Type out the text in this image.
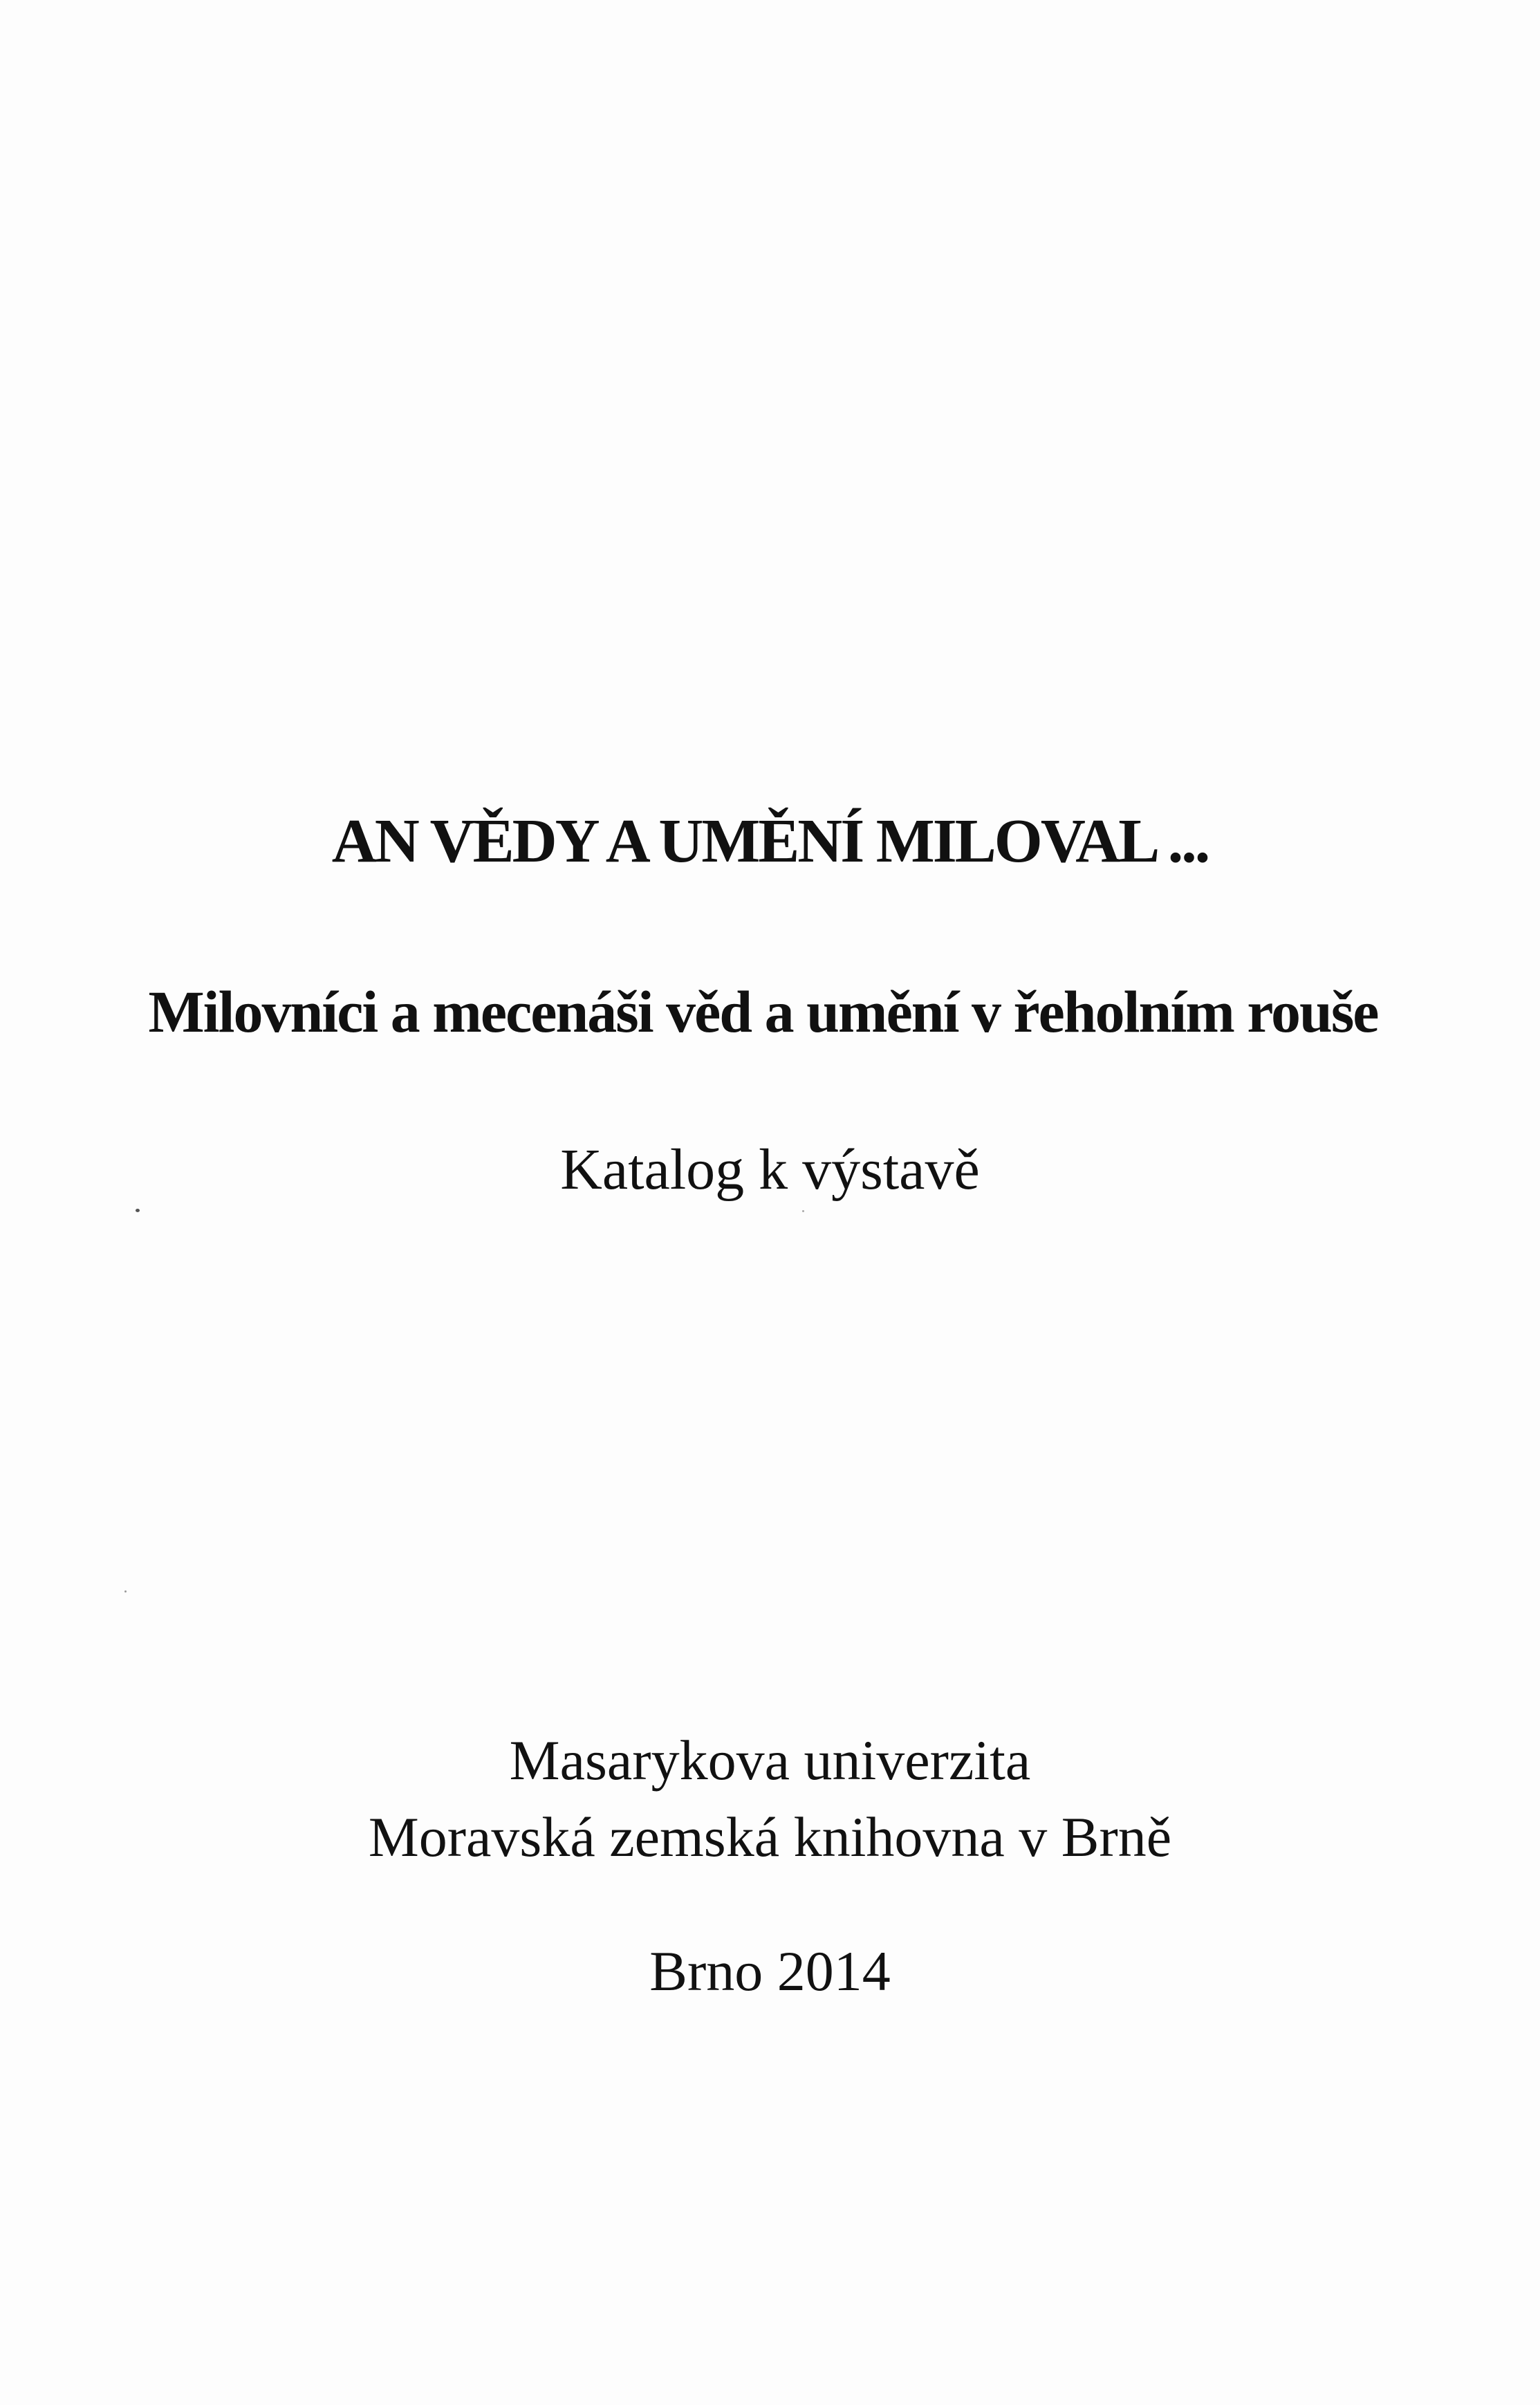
AN VĚDY A UMĚNÍ MILOVAL ...
Milovníci a mecenáši věd a umění v řeholním rouše
Katalog k výstavě
Masarykova univerzita
Moravská zemská knihovna v Brně
Brno 2014
